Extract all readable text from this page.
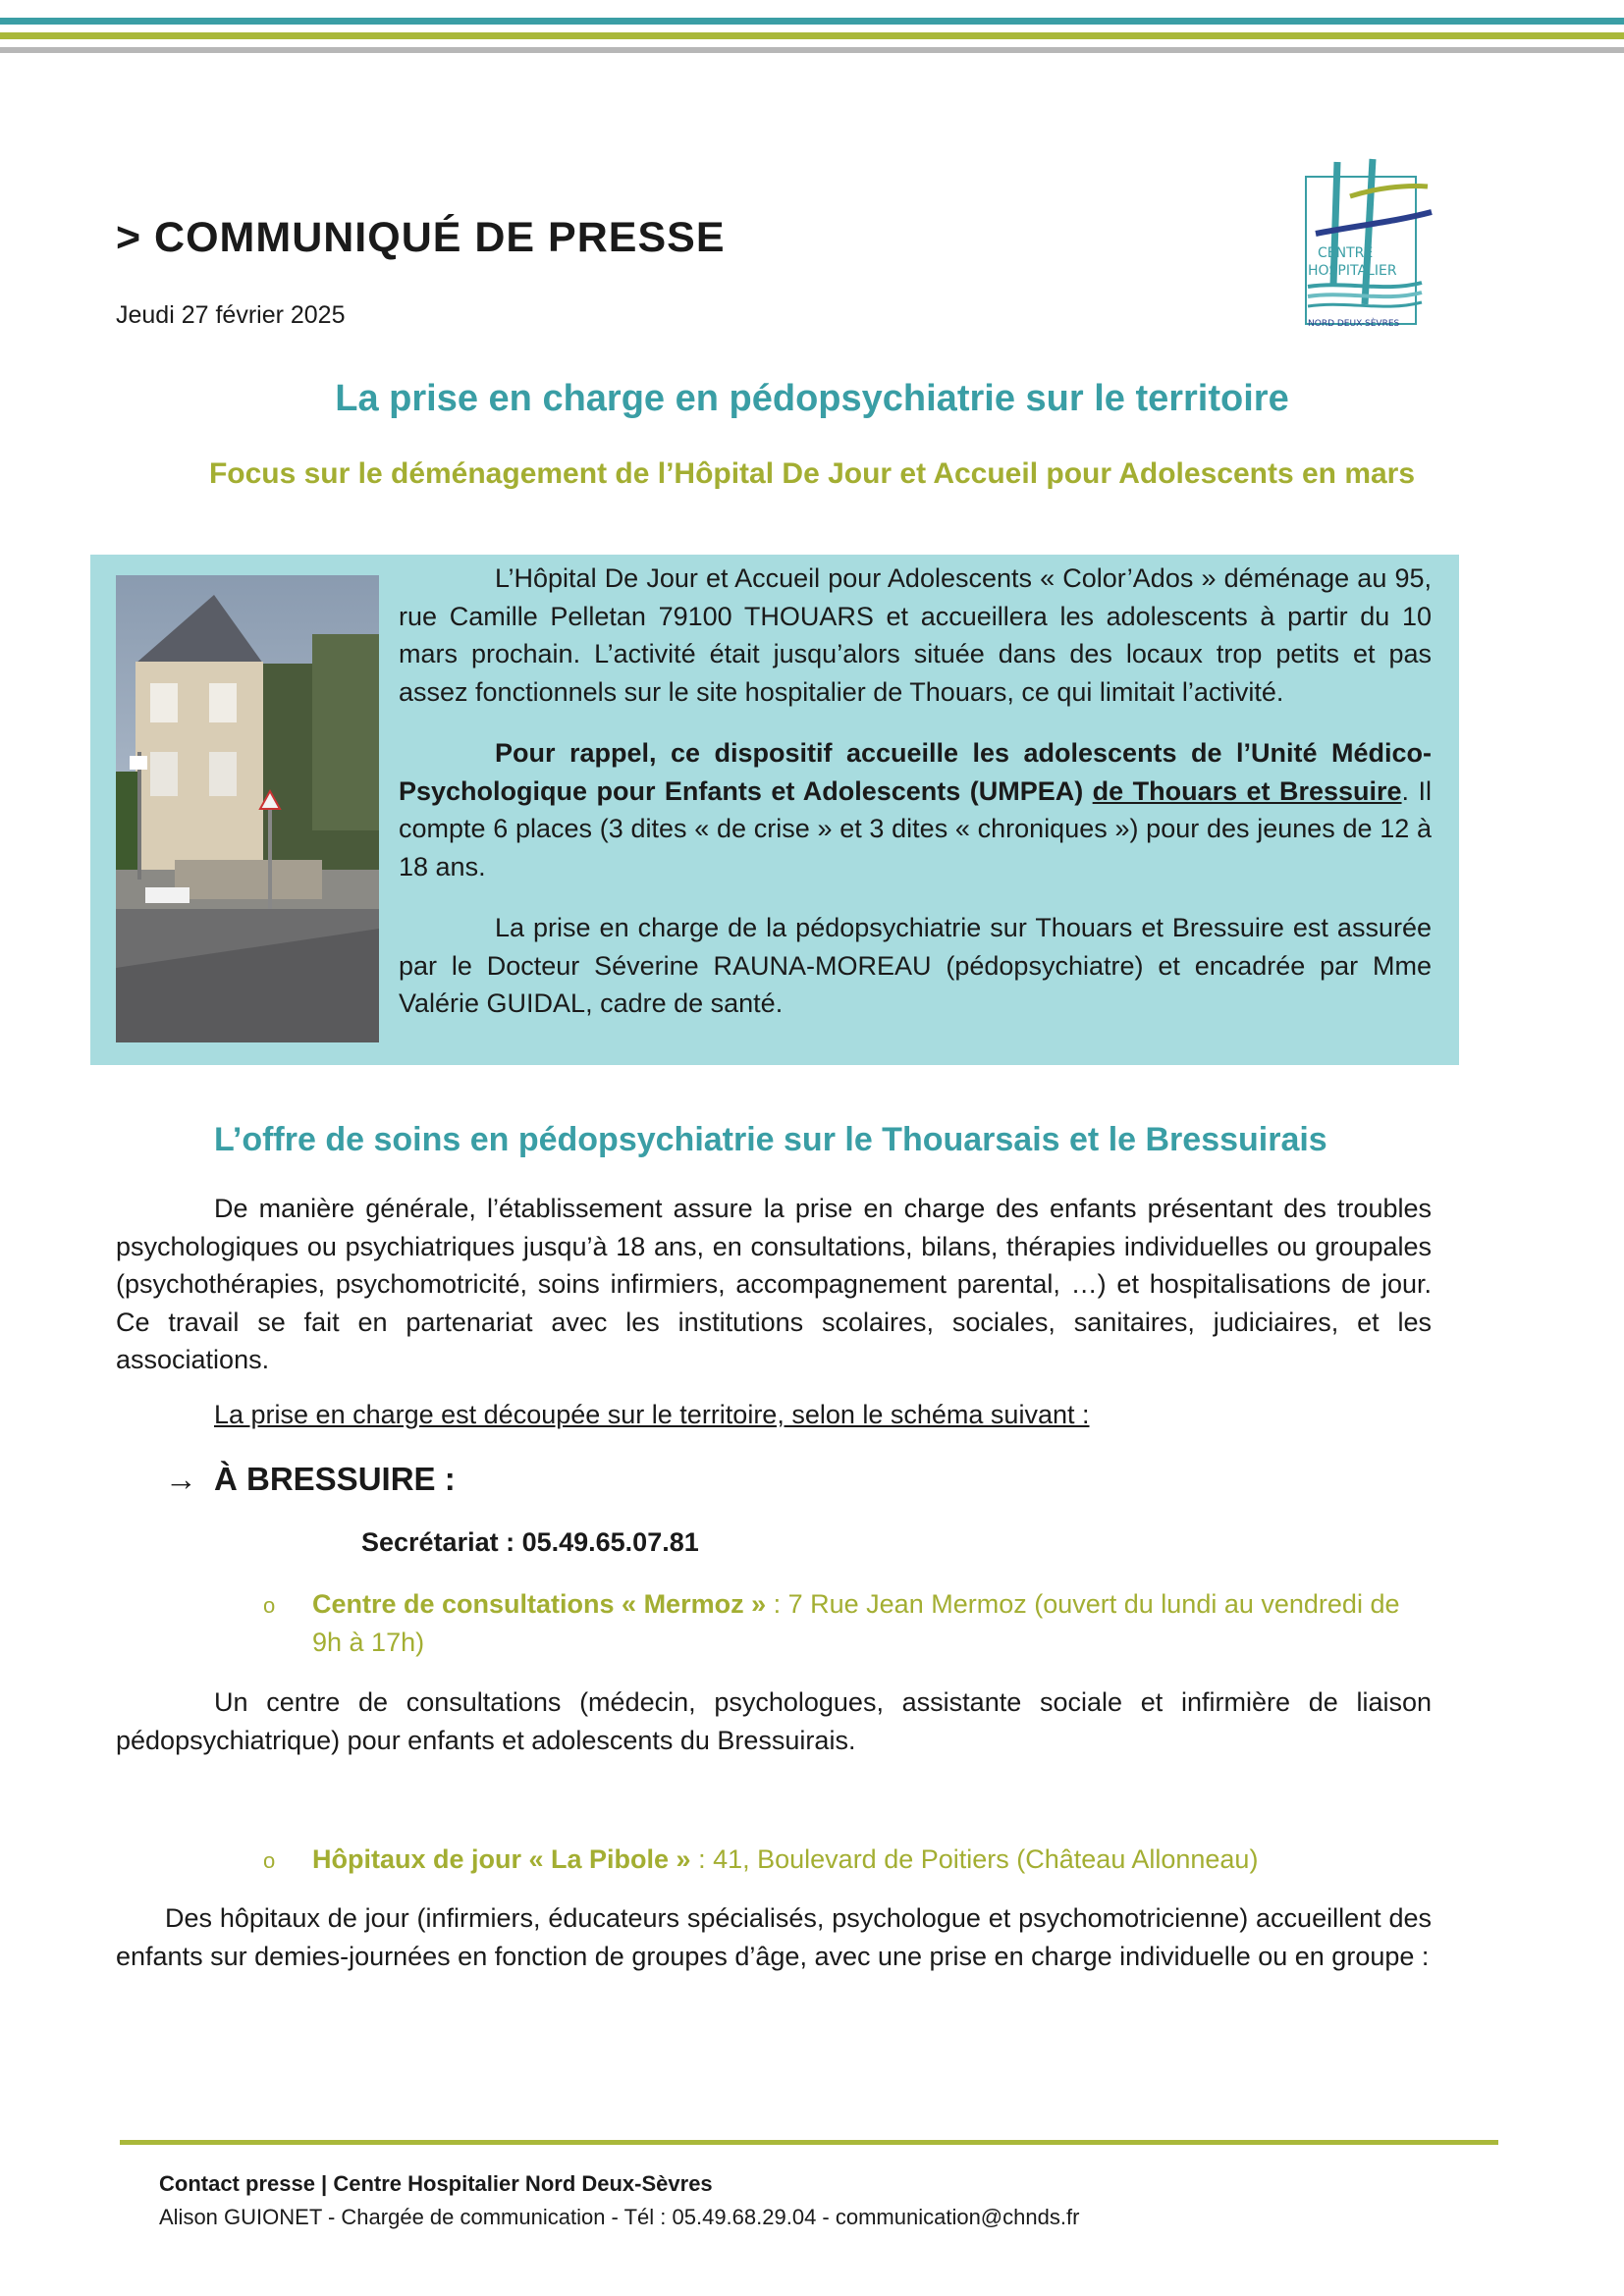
> COMMUNIQUÉ DE PRESSE
Jeudi 27 février 2025
CENTRE
HOSPITALIER
NORD DEUX-SÈVRES
La prise en charge en pédopsychiatrie sur le territoire
Focus sur le déménagement de l’Hôpital De Jour et Accueil pour Adolescents en mars

L’Hôpital De Jour et Accueil pour Adolescents « Color’Ados » déménage au 95, rue Camille Pelletan 79100 THOUARS et accueillera les adolescents à partir du 10 mars prochain. L’activité était jusqu’alors située dans des locaux trop petits et pas assez fonctionnels sur le site hospitalier de Thouars, ce qui limitait l’activité.

Pour rappel, ce dispositif accueille les adolescents de l’Unité Médico-Psychologique pour Enfants et Adolescents (UMPEA) de Thouars et Bressuire. Il compte 6 places (3 dites « de crise » et 3 dites « chroniques ») pour des jeunes de 12 à 18 ans.

La prise en charge de la pédopsychiatrie sur Thouars et Bressuire est assurée par le Docteur Séverine RAUNA-MOREAU (pédopsychiatre) et encadrée par Mme Valérie GUIDAL, cadre de santé.

L’offre de soins en pédopsychiatrie sur le Thouarsais et le Bressuirais

De manière générale, l’établissement assure la prise en charge des enfants présentant des troubles psychologiques ou psychiatriques jusqu’à 18 ans, en consultations, bilans, thérapies individuelles ou groupales (psychothérapies, psychomotricité, soins infirmiers, accompagnement parental, …) et hospitalisations de jour. Ce travail se fait en partenariat avec les institutions scolaires, sociales, sanitaires, judiciaires, et les associations.

La prise en charge est découpée sur le territoire, selon le schéma suivant :
→ À BRESSUIRE :
Secrétariat : 05.49.65.07.81
o Centre de consultations « Mermoz » : 7 Rue Jean Mermoz (ouvert du lundi au vendredi de 9h à 17h)

Un centre de consultations (médecin, psychologues, assistante sociale et infirmière de liaison pédopsychiatrique) pour enfants et adolescents du Bressuirais.

o Hôpitaux de jour « La Pibole » : 41, Boulevard de Poitiers (Château Allonneau)

Des hôpitaux de jour (infirmiers, éducateurs spécialisés, psychologue et psychomotricienne) accueillent des enfants sur demies-journées en fonction de groupes d’âge, avec une prise en charge individuelle ou en groupe :

Contact presse | Centre Hospitalier Nord Deux-Sèvres
Alison GUIONET - Chargée de communication - Tél : 05.49.68.29.04 - communication@chnds.fr
